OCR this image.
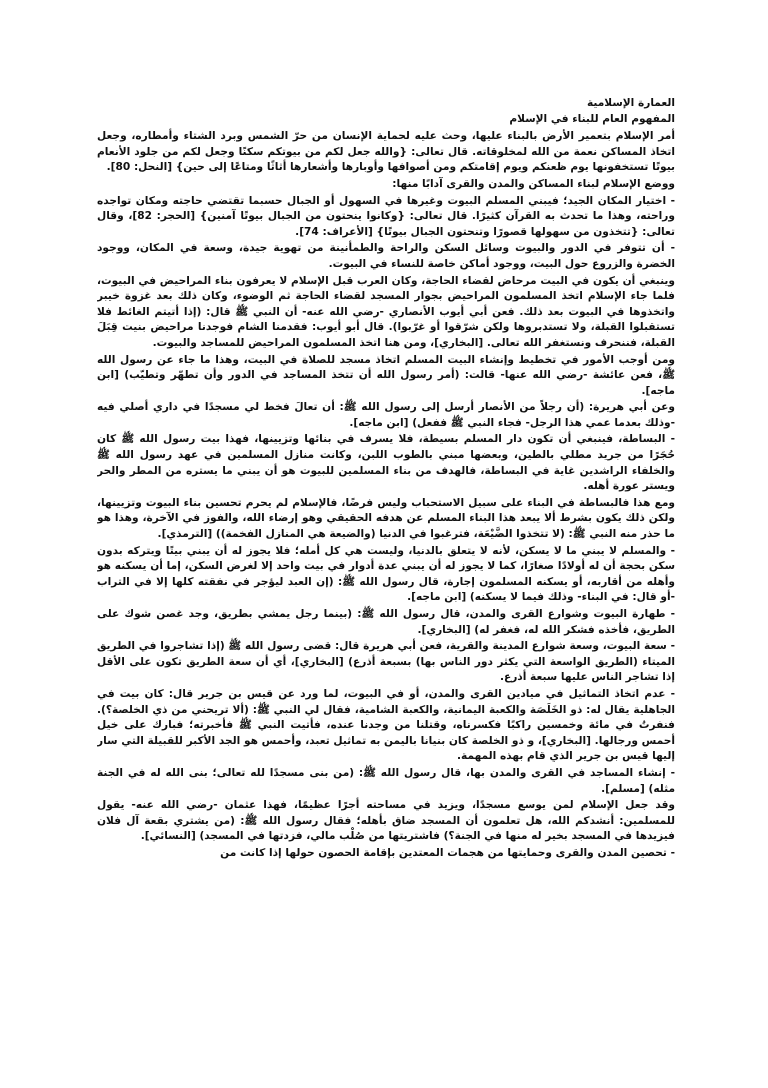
العمارة الإسلامية

المفهوم العام للبناء في الإسلام

أمر الإسلام بتعمير الأرض بالبناء عليها، وحث عليه لحماية الإنسان من حرّ الشمس وبرد الشتاء وأمطاره، وجعل اتخاذ المساكن نعمة من الله لمخلوقاته. قال تعالى: {والله جعل لكم من بيوتكم سكنًا وجعل لكم من جلود الأنعام بيوتًا تستخفونها يوم ظعنكم ويوم إقامتكم ومن أصوافها وأوبارها وأشعارها أثاثًا ومتاعًا إلى حين} [النحل: 80].

ووضع الإسلام لبناء المساكن والمدن والقرى آدابًا منها:

- اختيار المكان الجيد؛ فيبني المسلم البيوت وغيرها في السهول أو الجبال حسبما تقتضي حاجته ومكان تواجده وراحته، وهذا ما تحدث به القرآن كثيرًا. قال تعالى: {وكانوا ينحتون من الجبال بيوتًا آمنين} [الحجر: 82]، وقال تعالى: {تتخذون من سهولها قصورًا وتنحتون الجبال بيوتًا} [الأعراف: 74].

- أن تتوفر في الدور والبيوت وسائل السكن والراحة والطمأنينة من تهوية جيدة، وسعة في المكان، ووجود الخضرة والزروع حول البيت، ووجود أماكن خاصة للنساء في البيوت.

وينبغي أن يكون في البيت مرحاض لقضاء الحاجة، وكان العرب قبل الإسلام لا يعرفون بناء المراحيض في البيوت، فلما جاء الإسلام اتخذ المسلمون المراحيض بجوار المسجد لقضاء الحاجة ثم الوضوء، وكان ذلك بعد غزوة خيبر واتخذوها في البيوت بعد ذلك. فعن أبي أيوب الأنصاري -رضي الله عنه- أن النبي ﷺ قال: (إذا أتيتم الغائط فلا تستقبلوا القبلة، ولا تستدبروها ولكن شرّقوا أو غرّبوا). قال أبو أيوب: فقدمنا الشام فوجدنا مراحيض بنيت قِبَلَ القبلة، فننحرف ونستغفر الله تعالى. [البخاري]، ومن هنا اتخذ المسلمون المراحيض للمساجد والبيوت.

ومن أوجب الأمور في تخطيط وإنشاء البيت المسلم اتخاذ مسجد للصلاة في البيت، وهذا ما جاء عن رسول الله ﷺ، فعن عائشة -رضي الله عنها- قالت: (أمر رسول الله أن تتخذ المساجد في الدور وأن تطهّر وتطيّب) [ابن ماجه].

وعن أبي هريرة: (أن رجلاً من الأنصار أرسل إلى رسول الله ﷺ: أن تعالَ فخط لي مسجدًا في داري أصلي فيه -وذلك بعدما عمي هذا الرجل- فجاء النبي ﷺ ففعل) [ابن ماجه].

- البساطة، فينبغي أن تكون دار المسلم بسيطة، فلا يسرف في بنائها وتزيينها، فهذا بيت رسول الله ﷺ كان حُجَرًا من جريد مطلي بالطين، وبعضها مبني بالطوب اللبن، وكانت منازل المسلمين في عهد رسول الله ﷺ والخلفاء الراشدين غاية في البساطة، فالهدف من بناء المسلمين للبيوت هو أن يبني ما يستره من المطر والحر ويستر عورة أهله.

ومع هذا فالبساطة في البناء على سبيل الاستحباب وليس فرضًا، فالإسلام لم يحرم تحسين بناء البيوت وتزيينها، ولكن ذلك يكون بشرط ألا يبعد هذا البناء المسلم عن هدفه الحقيقي وهو إرضاء الله، والفوز في الآخرة، وهذا هو ما حذر منه النبي ﷺ: (لا تتخذوا الضَّيْعَة، فترغبوا في الدنيا (والضيعة هي المنازل الفخمة)) [الترمذي].

- والمسلم لا يبني ما لا يسكن، لأنه لا يتعلق بالدنيا، وليست هي كل أمله؛ فلا يجوز له أن يبني بيتًا ويتركه بدون سكن بحجة أن له أولادًا صغارًا، كما لا يجوز له أن يبني عدة أدوار في بيت واحد إلا لغرض السكن، إما أن يسكنه هو وأهله من أقاربه، أو يسكنه المسلمون إجارة، قال رسول الله ﷺ: (إن العبد ليؤجر في نفقته كلها إلا في التراب -أو قال: في البناء- وذلك فيما لا يسكنه) [ابن ماجه].

- طهارة البيوت وشوارع القرى والمدن، قال رسول الله ﷺ: (بينما رجل يمشي بطريق، وجد غصن شوك على الطريق، فأخذه فشكر الله له، فغفر له) [البخاري].

- سعة البيوت، وسعة شوارع المدينة والقرية، فعن أبي هريرة قال: قضى رسول الله ﷺ (إذا تشاجروا في الطريق الميتاء (الطريق الواسعة التي يكثر دور الناس بها) بسبعة أذرع) [البخاري]، أي أن سعة الطريق تكون على الأقل إذا تشاجر الناس عليها سبعة أذرع.

- عدم اتخاذ التماثيل في ميادين القرى والمدن، أو في البيوت، لما ورد عن قيس بن جرير قال: كان بيت في الجاهلية يقال له: ذو الخَلَصَة والكعبة اليمانية، والكعبة الشامية، فقال لي النبي ﷺ: (ألا تريحني من ذي الخلصة؟). فنفرتُ في مائة وخمسين راكبًا فكسرناه، وقتلنا من وجدنا عنده، فأتيت النبي ﷺ فأخبرته؛ فبارك على خيل أحمس ورجالها. [البخاري]، و ذو الخلصة كان بنيانا باليمن به تماثيل تعبد، وأحمس هو الجد الأكبر للقبيلة التي سار إليها قيس بن جرير الذي قام بهذه المهمة.

- إنشاء المساجد في القرى والمدن بها، قال رسول الله ﷺ: (من بنى مسجدًا لله تعالى؛ بنى الله له في الجنة مثله) [مسلم].

وقد جعل الإسلام لمن يوسع مسجدًا، ويزيد في مساحته أجرًا عظيمًا، فهذا عثمان -رضي الله عنه- يقول للمسلمين: أنشدكم الله، هل تعلمون أن المسجد ضاق بأهله؛ فقال رسول الله ﷺ: (من يشتري بقعة آل فلان فيزيدها في المسجد بخير له منها في الجنة؟) فاشتريتها من صُلْب مالي، فزدتها في المسجد) [النسائي].

- تحصين المدن والقرى وحمايتها من هجمات المعتدين بإقامة الحصون حولها إذا كانت من
